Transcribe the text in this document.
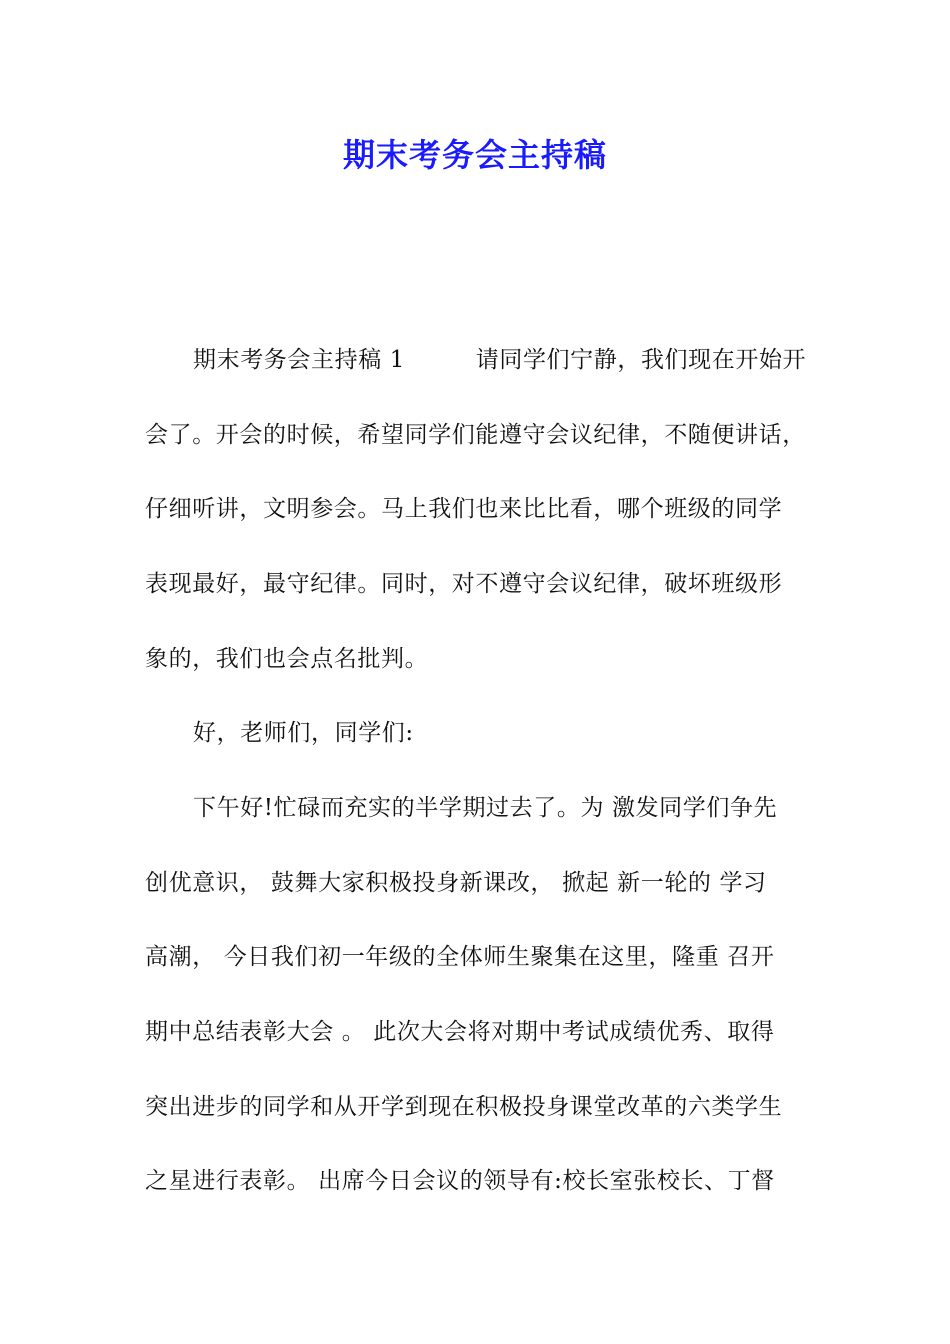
期末考务会主持稿
期末考务会主持稿 1　　　请同学们宁静，我们现在开始开
会了。开会的时候，希望同学们能遵守会议纪律，不随便讲话，
仔细听讲，文明参会。马上我们也来比比看，哪个班级的同学
表现最好，最守纪律。同时，对不遵守会议纪律，破坏班级形
象的，我们也会点名批判。
好，老师们，同学们:
下午好!忙碌而充实的半学期过去了。为 激发同学们争先
创优意识， 鼓舞大家积极投身新课改， 掀起 新一轮的 学习
高潮， 今日我们初一年级的全体师生聚集在这里，隆重 召开
期中总结表彰大会 。 此次大会将对期中考试成绩优秀、取得
突出进步的同学和从开学到现在积极投身课堂改革的六类学生
之星进行表彰。 出席今日会议的领导有:校长室张校长、丁督
